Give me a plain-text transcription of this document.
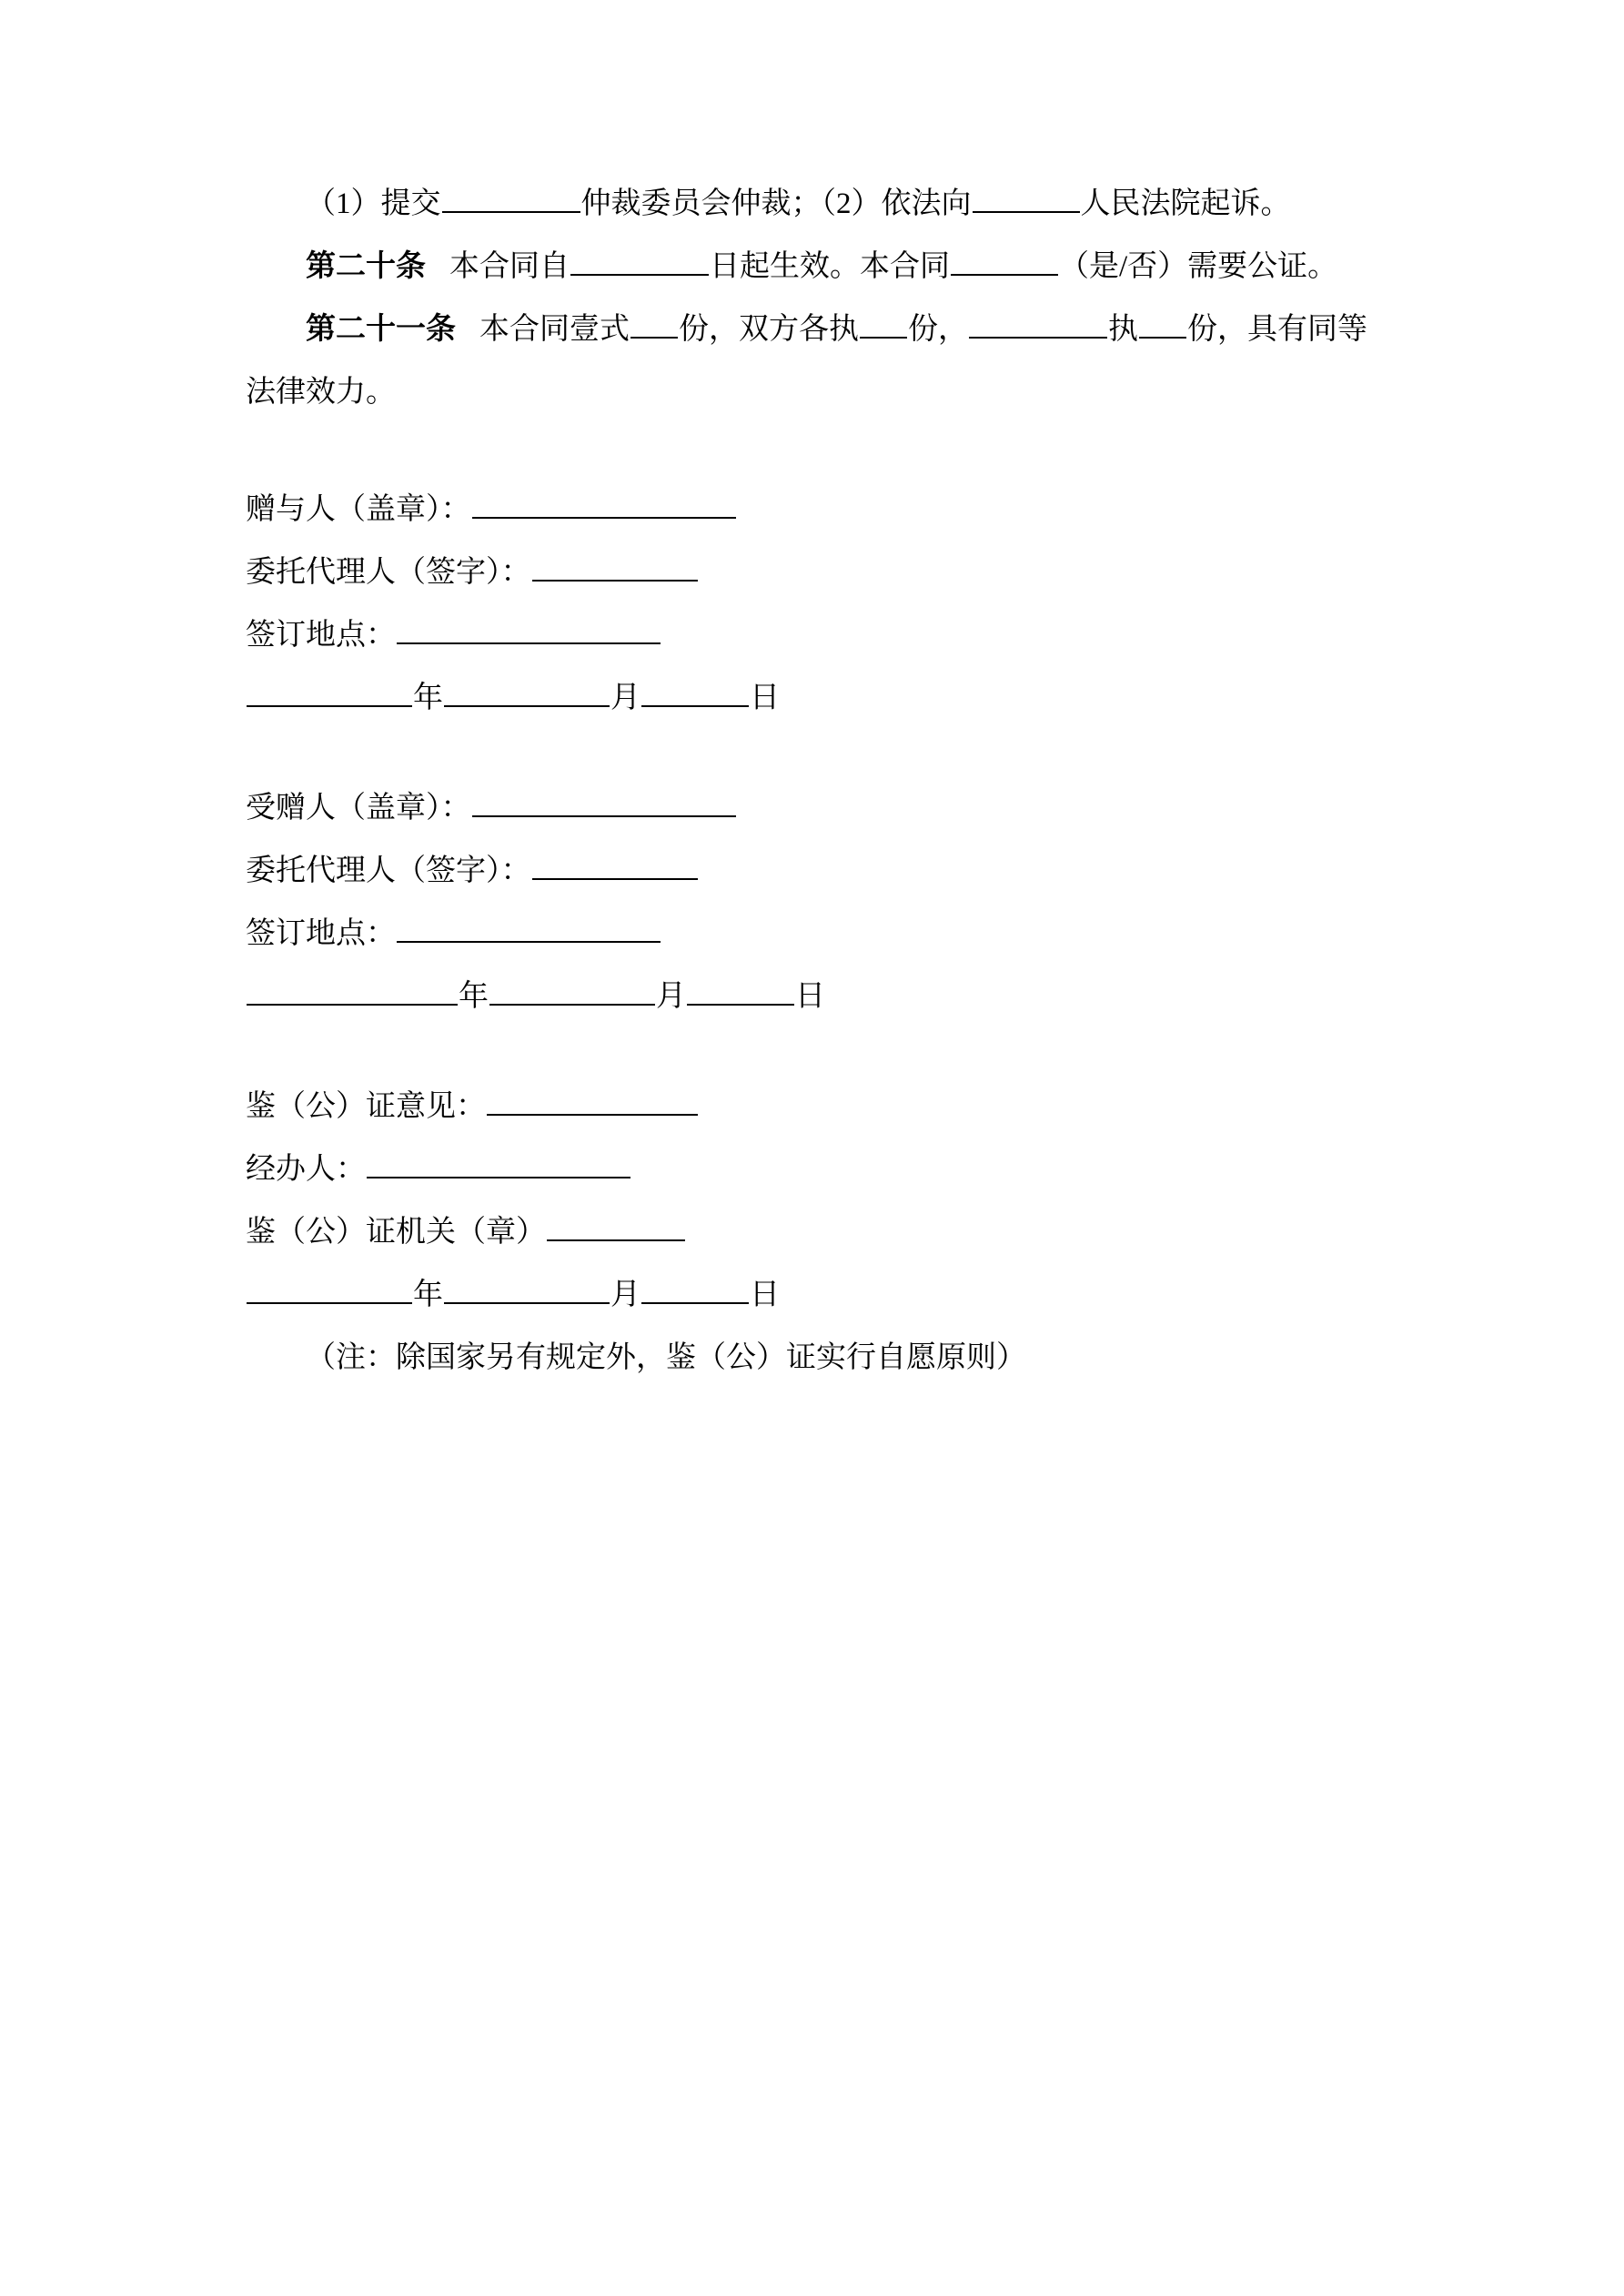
（1）提交	仲裁委员会仲裁；（2）依法向	人民法院起诉。

第二十条 本合同自	日起生效。本合同	（是/否）需要公证。

第二十一条 本合同壹式 份，双方各执 份，	执 份，具有同等法律效力。

赠与人（盖章）：

委托代理人（签字）：

签订地点：

年	月	日

受赠人（盖章）：

委托代理人（签字）：

签订地点：

年	月	日

鉴（公）证意见：

经办人：

鉴（公）证机关（章）

年	月	日

（注：除国家另有规定外，鉴（公）证实行自愿原则）
